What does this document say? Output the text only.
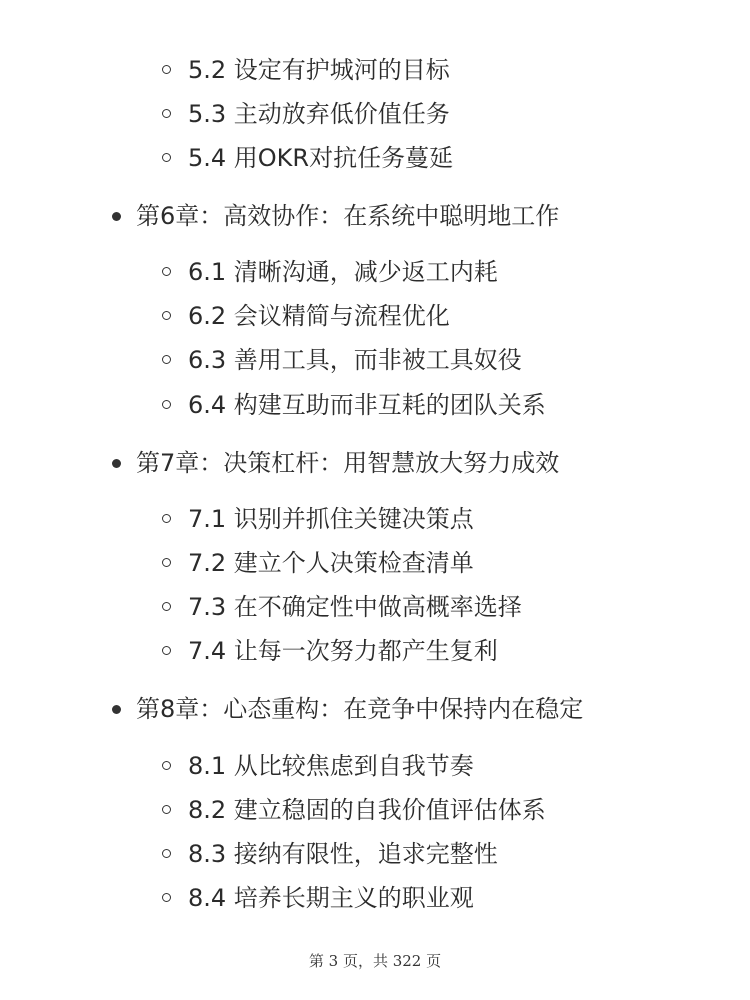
5.2 设定有护城河的目标
5.3 主动放弃低价值任务
5.4 用OKR对抗任务蔓延
第6章：高效协作：在系统中聪明地工作
6.1 清晰沟通，减少返工内耗
6.2 会议精简与流程优化
6.3 善用工具，而非被工具奴役
6.4 构建互助而非互耗的团队关系
第7章：决策杠杆：用智慧放大努力成效
7.1 识别并抓住关键决策点
7.2 建立个人决策检查清单
7.3 在不确定性中做高概率选择
7.4 让每一次努力都产生复利
第8章：心态重构：在竞争中保持内在稳定
8.1 从比较焦虑到自我节奏
8.2 建立稳固的自我价值评估体系
8.3 接纳有限性，追求完整性
8.4 培养长期主义的职业观
第 3 页，共 322 页
